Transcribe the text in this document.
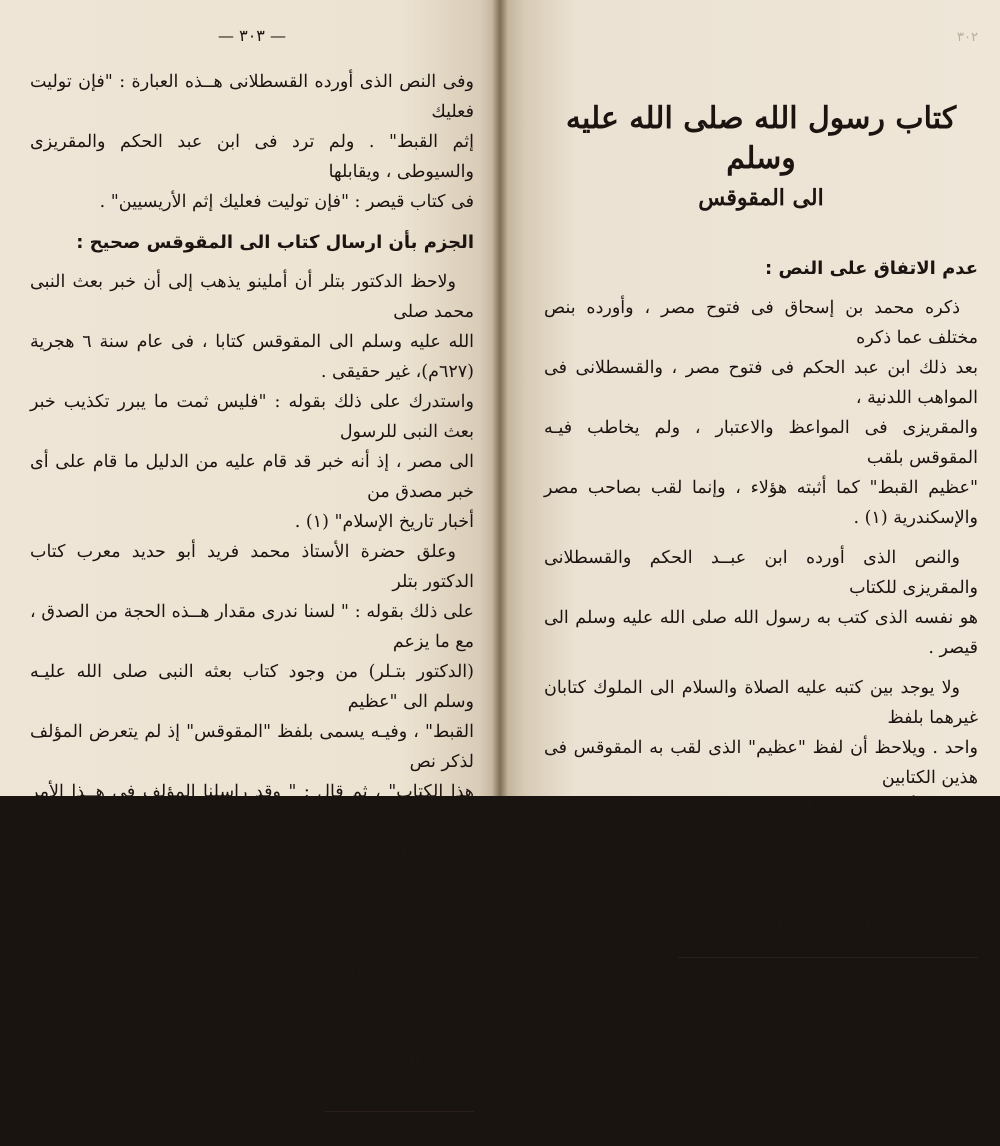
— ٣٠٣ —

وفى النص الذى أورده القسطلانى هــذه العبارة : "فإن توليت فعليك

إثم القبط" . ولم ترد فى ابن عبد الحكم والمقريزى والسيوطى ، ويقابلها

فى كتاب قيصر : "فإن توليت فعليك إثم الأريسيين" .

الجزم بأن ارسال كتاب الى المقوقس صحيح :

ولاحظ الدكتور بتلر أن أملينو يذهب إلى أن خبر بعث النبى محمد صلى

الله عليه وسلم الى المقوقس كتابا ، فى عام سنة ٦ هجرية (٦٢٧م)، غير حقيقى .

واستدرك على ذلك بقوله : "فليس ثمت ما يبرر تكذيب خبر بعث النبى للرسول

الى مصر ، إذ أنه خبر قد قام عليه من الدليل ما قام على أى خبر مصدق من

أخبار تاريخ الإسلام" (١) .

وعلق حضرة الأستاذ محمد فريد أبو حديد معرب كتاب الدكتور بتلر

على ذلك بقوله : " لسنا ندرى مقدار هــذه الحجة من الصدق ، مع ما يزعم

(الدكتور بتـلر) من وجود كتاب بعثه النبى صلى الله عليـه وسلم الى "عظيم

القبط" ، وفيـه يسمى بلفظ "المقوقس" إذ لم يتعرض المؤلف لذكر نص

هذا الكتاب" ، ثم قال : " وقد راسلنا المؤلف فى هــذا الأمر وعرضنا عليه

أن النبى أرسل رسوله الى حاكم مصر فى ذلك الوقت ، وهو "جورج" ولقبه

بذلك اللقب ، ولم نجد منه رفضا لذلك الرأى . والظاهر على ذلك أن المقوقس

كان لقبا يطلق على كل من يحكم مصر من قبل الروم" (٢) .

أما من جهــة قول الدكتور بتلر : إنه لا يوجد ما يبرر تكذيب إرسال

الكتاب الى المقوقس فهو فى محله ، بحكم أن مكاتبته عليه السلام الى الملوك

(١) فتح العرب لمصر ص ٤٥٩ (٢) فتح العرب لمصر ص ٤٥٩ (١) و (٣)

٣٠٢
كتاب رسول الله صلى الله عليه وسلم
الى المقوقس
عدم الاتفاق على النص :

ذكره محمد بن إسحاق فى فتوح مصر ، وأورده بنص مختلف عما ذكره

بعد ذلك ابن عبد الحكم فى فتوح مصر ، والقسطلانى فى المواهب اللدنية ،

والمقريزى فى المواعظ والاعتبار ، ولم يخاطب فيـه المقوقس بلقب

"عظيم القبط" كما أثبته هؤلاء ، وإنما لقب بصاحب مصر والإسكندرية (١) .

والنص الذى أورده ابن عبــد الحكم والقسطلانى والمقريزى للكتاب

هو نفسه الذى كتب به رسول الله صلى الله عليه وسلم الى قيصر .

ولا يوجد بين كتبه عليه الصلاة والسلام الى الملوك كتابان غيرهما بلفظ

واحد . ويلاحظ أن لفظ "عظيم" الذى لقب به المقوقس فى هذين الكتابين

كتب به أيضا عليه السلام لغيره ، فقد كتب به الى كسرى وقيصر . وقال

القسطلانى : لم يقل صلى الله عليه وسلم الى هرقل ملك الروم ، لأنه معزول

بحكم الإسلام ولم يخله من الإكرام لمصلحة التأليف .

(١) كتب اليه رسول الله صلى الله عليه وسلم فى آخر سنة ست من الهجرة (٦٢٨م)

بعد أن رجع من الحديبية كما قاله الواقدى ؛ الخطط للمقريزى ج ١ ص ٢٩ ؛ القسطلانى ج ١

قال : وكان سنة ست "اتفاقا" ، ص ٢٩٠
